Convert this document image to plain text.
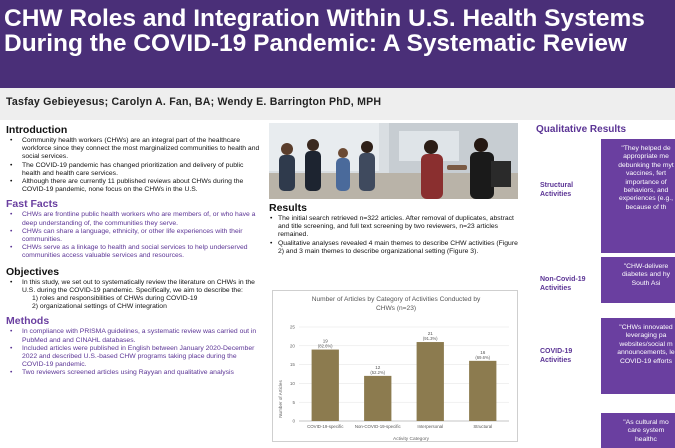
CHW Roles and Integration Within U.S. Health Systems
During the COVID-19 Pandemic: A Systematic Review
Tasfay Gebieyesus; Carolyn A. Fan, BA; Wendy E. Barrington PhD, MPH
Introduction
• Community health workers (CHWs) are an integral part of the healthcare workforce since they connect the most marginalized communities to health and social services.
• The COVID-19 pandemic has changed prioritization and delivery of public health and health care services.
• Although there are currently 11 published reviews about CHWs during the COVID-19 pandemic, none focus on the CHWs in the U.S.
Fast Facts
• CHWs are frontline public health workers who are members of, or who have a deep understanding of, the communities they serve.
• CHWs can share a language, ethnicity, or other life experiences with their communities.
• CHWs serve as a linkage to health and social services to help underserved communities access valuable services and resources.
Objectives
• In this study, we set out to systematically review the literature on CHWs in the U.S. during the COVID-19 pandemic. Specifically, we aim to describe the:
1) roles and responsibilities of CHWs during COVID-19
2) organizational settings of CHW integration
Methods
• In compliance with PRISMA guidelines, a systematic review was carried out in PubMed and and CINAHL databases.
• Included articles were published in English between January 2020-December 2022 and described U.S.-based CHW programs taking place during the COVID-19 pandemic.
• Two reviewers screened articles using Rayyan and qualitative analysis
Results
• The initial search retrieved n=322 articles. After removal of duplicates, abstract and title screening, and full text screening by two reviewers, n=23 articles remained.
• Qualitative analyses revealed 4 main themes to describe CHW activities (Figure 2) and 3 main themes to describe organizational setting (Figure 3).
Number of Articles by Category of Activities Conducted by
CHWs (n=23)
Number of Articles
Activity Category
0
5
10
15
20
25
19
(82.6%)
COVID-19-specific
12
(52.2%)
Non-COVID-19-specific
21
(91.3%)
Interpersonal
16
(69.6%)
Structural
Qualitative Results
Structural Activities
"They helped de
appropriate me
debunking the myt
vaccines, fert
importance of
behaviors, and
experiences (e.g.,
because of th
Non-Covid-19 Activities
"CHW-delivere
diabetes and hy
South Asi
COVID-19 Activities
"CHWs innovated
leveraging pa
websites/social m
announcements, le
COVID-19 efforts
"As cultural mo
care system
healthc
